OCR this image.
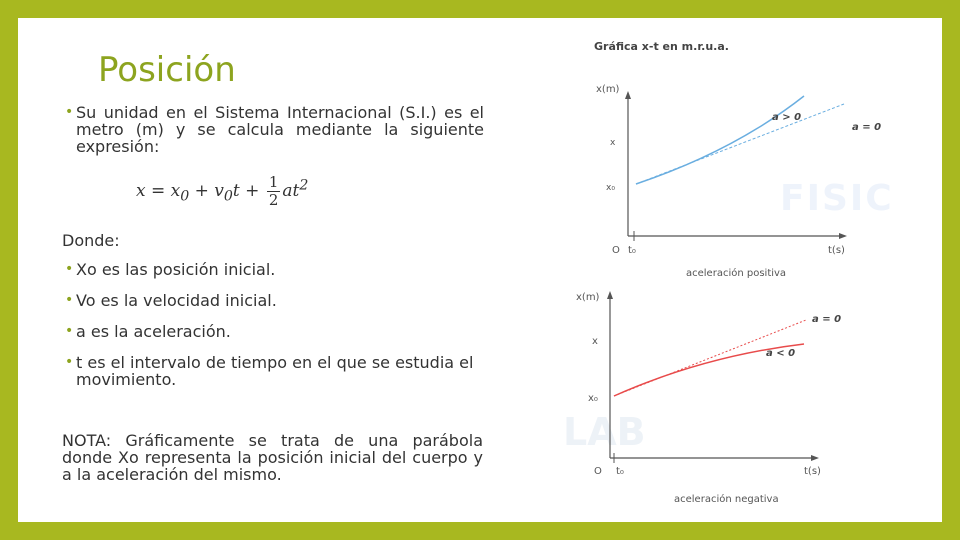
Posición
• Su unidad en el Sistema Internacional (S.I.) es el metro (m) y se calcula mediante la siguiente expresión:
$x = x_0 + v_0t + \frac{1}{2} at^2$
Donde:
• Xo es las posición inicial.
• Vo es la velocidad inicial.
• a es la aceleración.
• t es el intervalo de tiempo en el que se estudia el movimiento.
NOTA: Gráficamente se trata de una parábola donde Xo representa la posición inicial del cuerpo y a la aceleración del mismo.
FISIC
LAB
Gráfica x-t en m.r.u.a.
x(m)
x
x₀
O t₀	t(s)
a > 0
a = 0
aceleración positiva
x(m)
x
x₀
O t₀	t(s)
a = 0
a < 0
aceleración negativa
